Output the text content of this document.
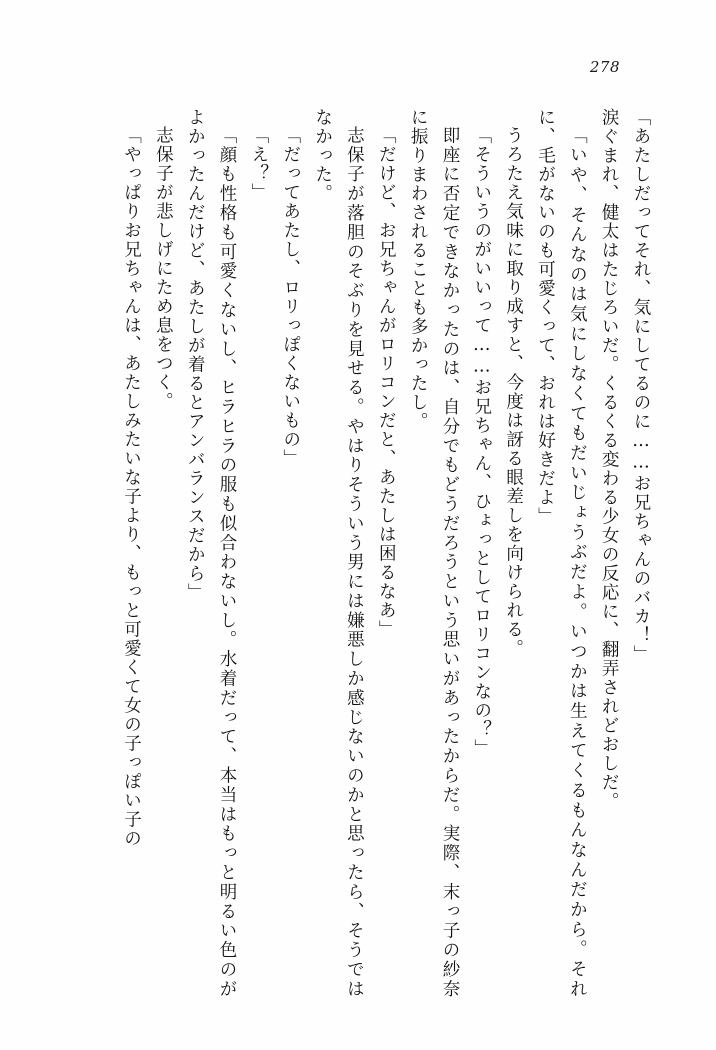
278

「あたしだってそれ、気にしてるのに……お兄ちゃんのバカ！」

涙ぐまれ、健太はたじろいだ。くるくる変わる少女の反応に、翻弄されどおしだ。

「いや、そんなのは気にしなくてもだいじょうぶだよ。いつかは生えてくるもんなんだから。それに、毛がないのも可愛くって、おれは好きだよ」

うろたえ気味に取り成すと、今度は訝る眼差しを向けられる。

「そういうのがいいって……お兄ちゃん、ひょっとしてロリコンなの？」

即座に否定できなかったのは、自分でもどうだろうという思いがあったからだ。実際、末っ子の紗奈に振りまわされることも多かったし。

「だけど、お兄ちゃんがロリコンだと、あたしは困るなあ」

志保子が落胆のそぶりを見せる。やはりそういう男には嫌悪しか感じないのかと思ったら、そうではなかった。

「だってあたし、ロリっぽくないもの」

「え？」

「顔も性格も可愛くないし、ヒラヒラの服も似合わないし。水着だって、本当はもっと明るい色のがよかったんだけど、あたしが着るとアンバランスだから」

志保子が悲しげにため息をつく。

「やっぱりお兄ちゃんは、あたしみたいな子より、もっと可愛くて女の子っぽい子の
